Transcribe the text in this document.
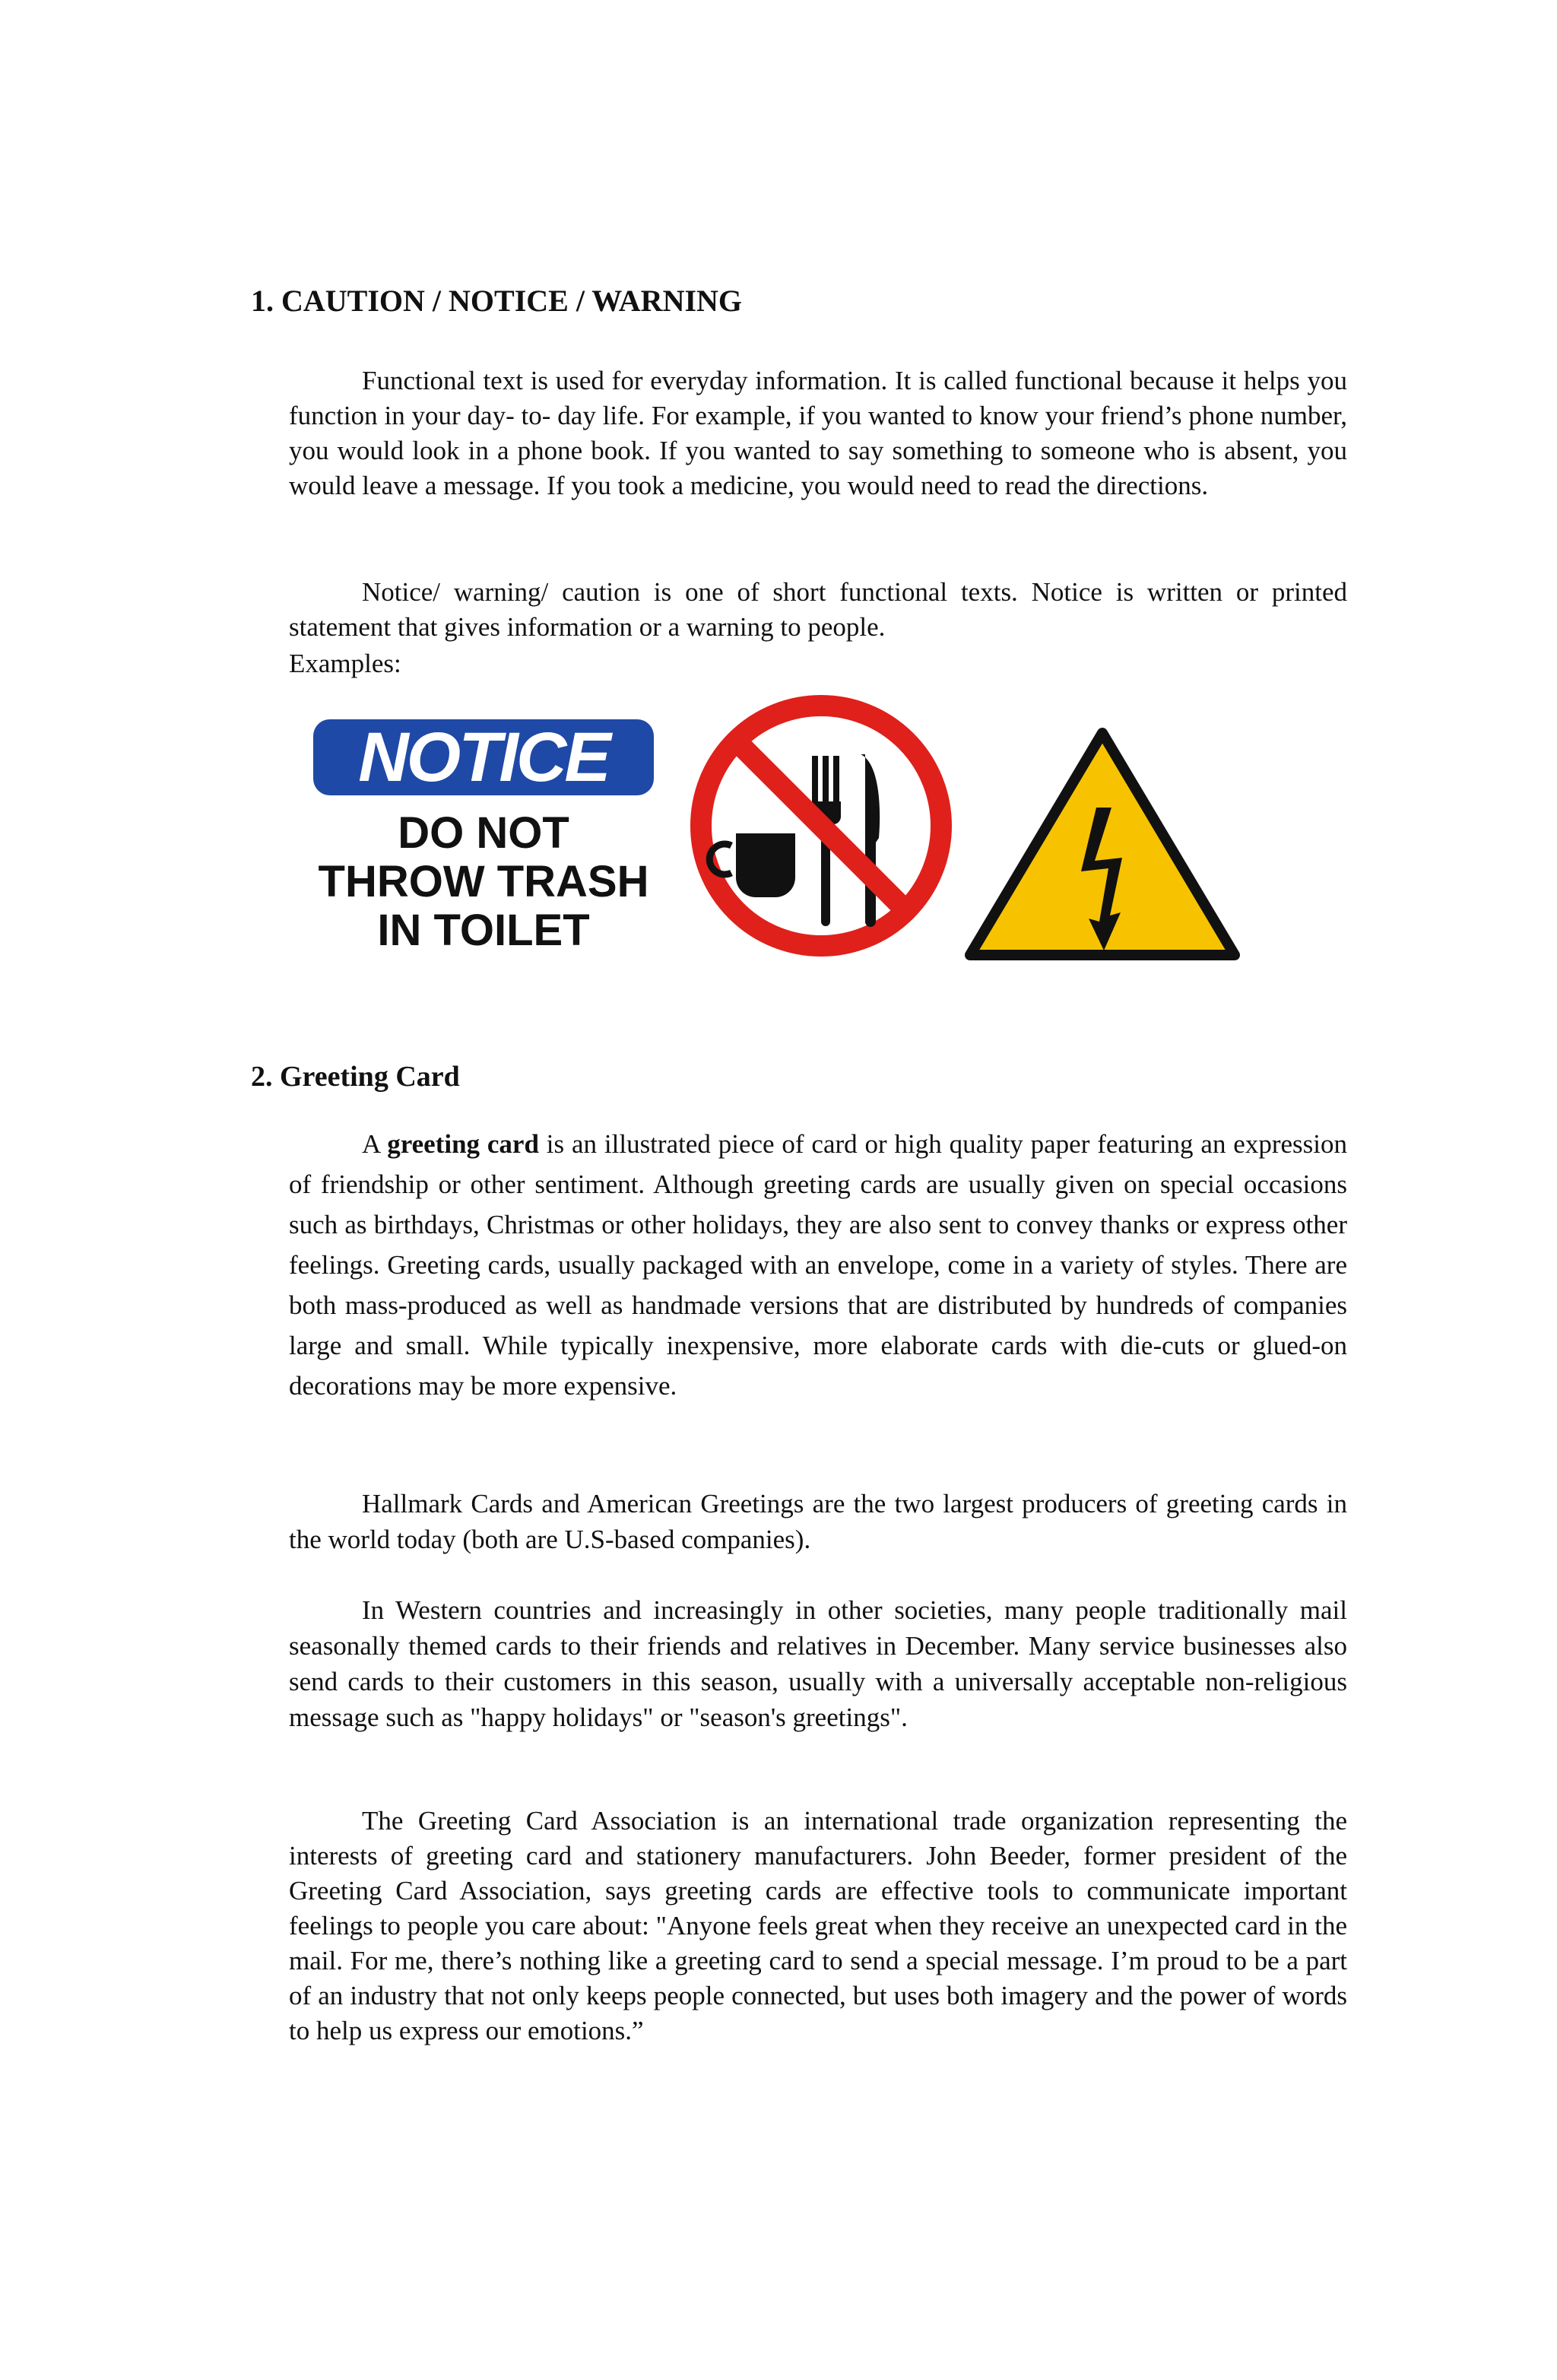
1. CAUTION / NOTICE / WARNING

Functional text is used for everyday information. It is called functional because it helps you function in your day- to- day life. For example, if you wanted to know your friend’s phone number, you would look in a phone book. If you wanted to say something to someone who is absent, you would leave a message. If you took a medicine, you would need to read the directions.

Notice/ warning/ caution is one of short functional texts. Notice is written or printed statement that gives information or a warning to people.

Examples:

NOTICE
DO NOT
THROW TRASH
IN TOILET
2. Greeting Card

A greeting card is an illustrated piece of card or high quality paper featuring an expression of friendship or other sentiment. Although greeting cards are usually given on special occasions such as birthdays, Christmas or other holidays, they are also sent to convey thanks or express other feelings. Greeting cards, usually packaged with an envelope, come in a variety of styles. There are both mass-produced as well as handmade versions that are distributed by hundreds of companies large and small. While typically inexpensive, more elaborate cards with die-cuts or glued-on decorations may be more expensive.

Hallmark Cards and American Greetings are the two largest producers of greeting cards in the world today (both are U.S-based companies).

In Western countries and increasingly in other societies, many people traditionally mail seasonally themed cards to their friends and relatives in December. Many service businesses also send cards to their customers in this season, usually with a universally acceptable non-religious message such as "happy holidays" or "season's greetings".

The Greeting Card Association is an international trade organization representing the interests of greeting card and stationery manufacturers. John Beeder, former president of the Greeting Card Association, says greeting cards are effective tools to communicate important feelings to people you care about: "Anyone feels great when they receive an unexpected card in the mail. For me, there’s nothing like a greeting card to send a special message. I’m proud to be a part of an industry that not only keeps people connected, but uses both imagery and the power of words to help us express our emotions.”
